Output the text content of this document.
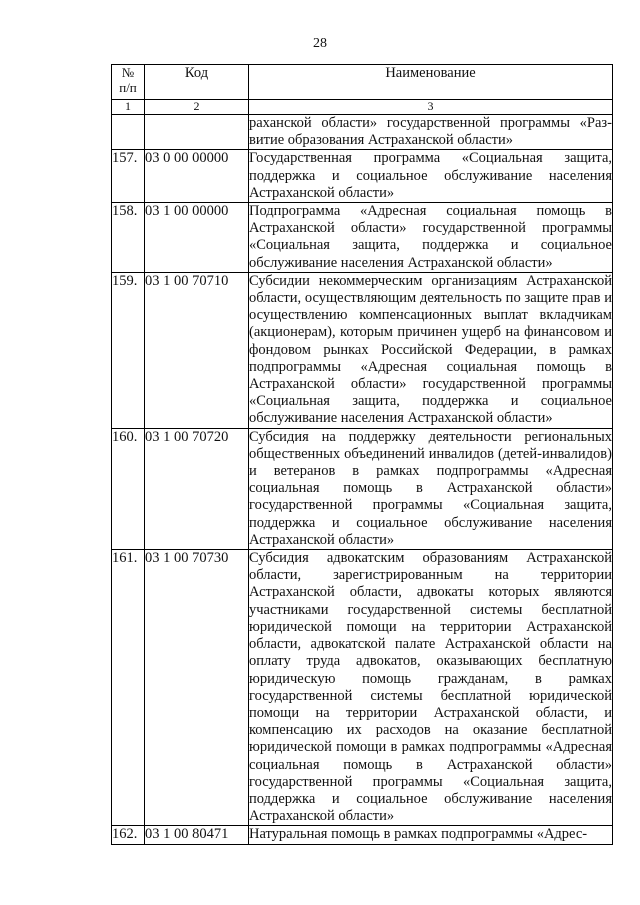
28
№
п/п	Код	Наименование
1	2	3
		раханской области» государственной программы «Развитие образования Астраханской области»
157.	03 0 00 00000	Государственная программа «Социальная защита, поддержка и социальное обслуживание населения Астраханской области»
158.	03 1 00 00000	Подпрограмма «Адресная социальная помощь в Астраханской области» государственной программы «Социальная защита, поддержка и социальное обслуживание населения Астраханской области»
159.	03 1 00 70710	Субсидии некоммерческим организациям Астраханской области, осуществляющим деятельность по защите прав и осуществлению компенсационных выплат вкладчикам (акционерам), которым причинен ущерб на финансовом и фондовом рынках Российской Федерации, в рамках подпрограммы «Адресная социальная помощь в Астраханской области» государственной программы «Социальная защита, поддержка и социальное обслуживание населения Астраханской области»
160.	03 1 00 70720	Субсидия на поддержку деятельности региональных общественных объединений инвалидов (детей-инвалидов) и ветеранов в рамках подпрограммы «Адресная социальная помощь в Астраханской области» государственной программы «Социальная защита, поддержка и социальное обслуживание населения Астраханской области»
161.	03 1 00 70730	Субсидия адвокатским образованиям Астраханской области, зарегистрированным на территории Астраханской области, адвокаты которых являются участниками государственной системы бесплатной юридической помощи на территории Астраханской области, адвокатской палате Астраханской области на оплату труда адвокатов, оказывающих бесплатную юридическую помощь гражданам, в рамках государственной системы бесплатной юридической помощи на территории Астраханской области, и компенсацию их расходов на оказание бесплатной юридической помощи в рамках подпрограммы «Адресная социальная помощь в Астраханской области» государственной программы «Социальная защита, поддержка и социальное обслуживание населения Астраханской области»
162.	03 1 00 80471	Натуральная помощь в рамках подпрограммы «Адрес-
